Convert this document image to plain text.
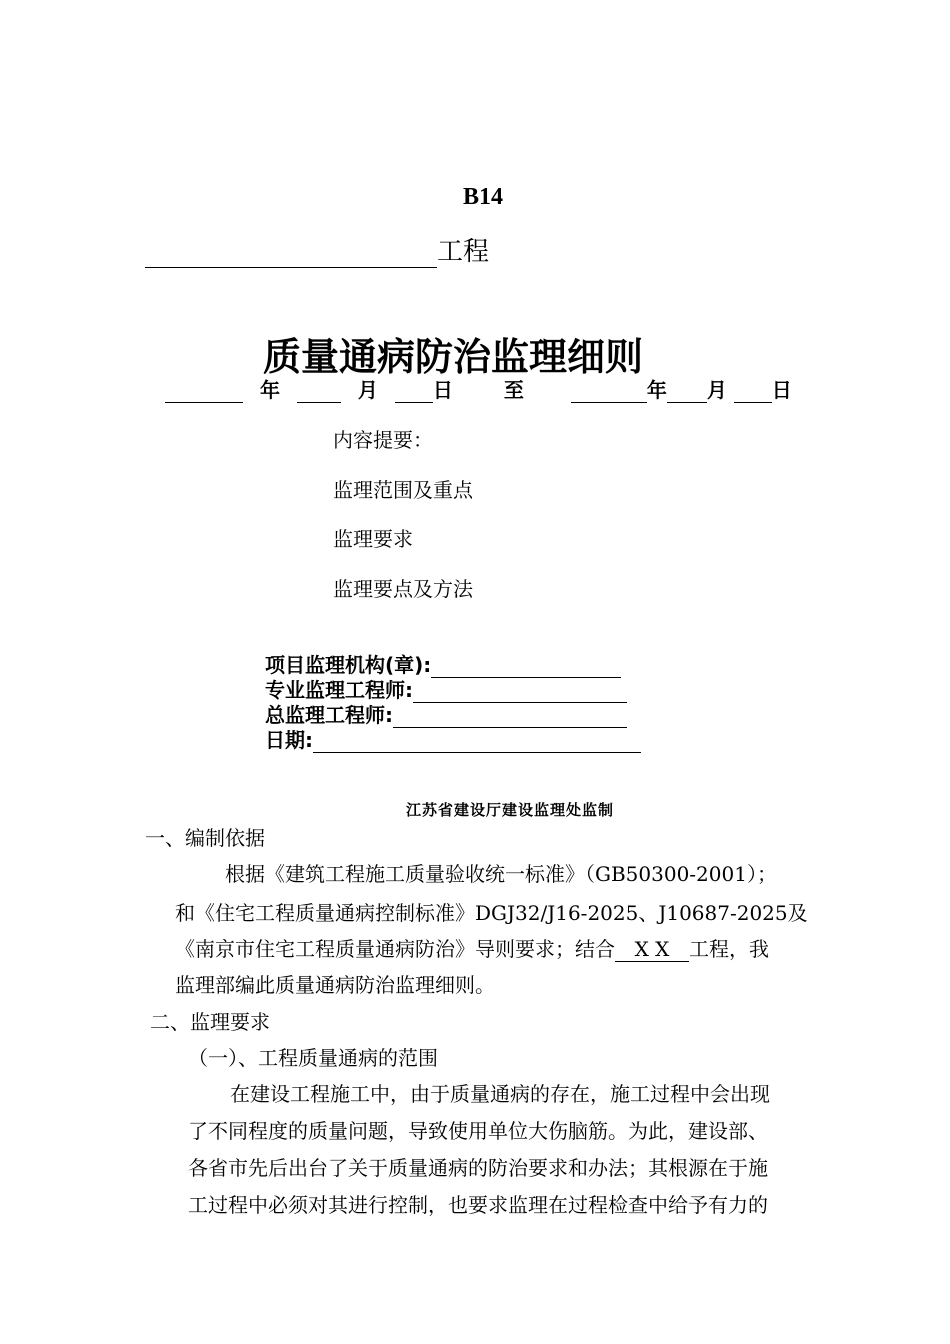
B14
工程
质量通病防治监理细则
年	月	日	至	年 月 日
内容提要：
监理范围及重点
监理要求
监理要点及方法
项目监理机构(章):
专业监理工程师:
总监理工程师:
日期:
江苏省建设厅建设监理处监制
一、编制依据
根据《建筑工程施工质量验收统一标准》（GB50300-2001）；
和《住宅工程质量通病控制标准》DGJ32/J16-2025、J10687-2025及
《南京市住宅工程质量通病防治》导则要求；结合 X X 工程，我
监理部编此质量通病防治监理细则。
二、监理要求
（一）、工程质量通病的范围
在建设工程施工中，由于质量通病的存在，施工过程中会出现
了不同程度的质量问题，导致使用单位大伤脑筋。为此，建设部、
各省市先后出台了关于质量通病的防治要求和办法；其根源在于施
工过程中必须对其进行控制，也要求监理在过程检查中给予有力的
